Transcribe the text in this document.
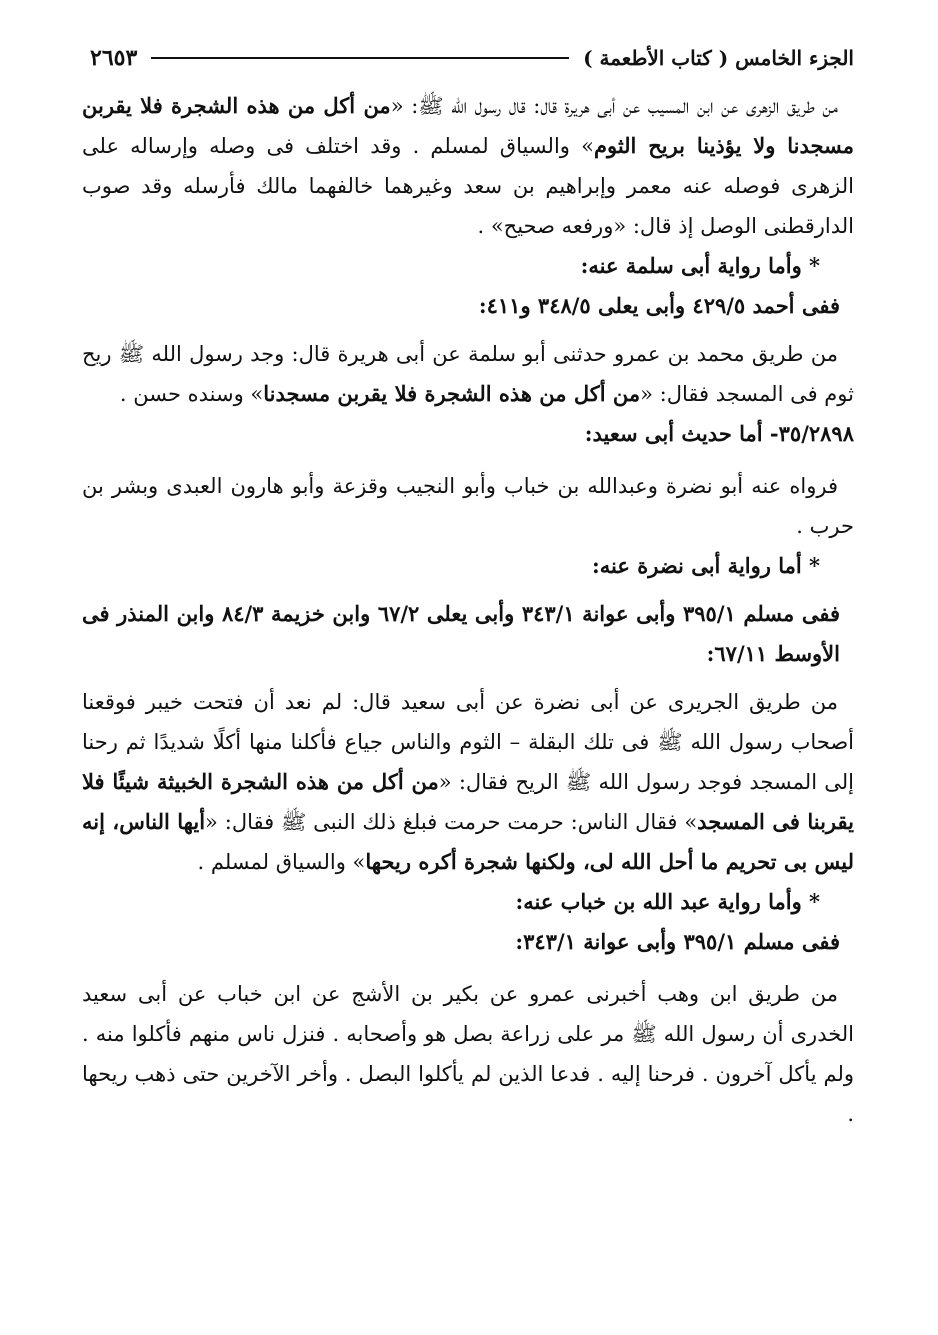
الجزء الخامس ( كتاب الأطعمة )
٢٦٥٣

من طريق الزهرى عن ابن المسيب عن أبى هريرة قال: قال رسول الله ﷺ: «من أكل من هذه الشجرة فلا يقربن مسجدنا ولا يؤذينا بريح الثوم» والسياق لمسلم . وقد اختلف فى وصله وإرساله على الزهرى فوصله عنه معمر وإبراهيم بن سعد وغيرهما خالفهما مالك فأرسله وقد صوب الدارقطنى الوصل إذ قال: «ورفعه صحيح» .

* وأما رواية أبى سلمة عنه:

ففى أحمد ٤٢٩/٥ وأبى يعلى ٣٤٨/٥ و٤١١:

من طريق محمد بن عمرو حدثنى أبو سلمة عن أبى هريرة قال: وجد رسول الله ﷺ ريح ثوم فى المسجد فقال: «من أكل من هذه الشجرة فلا يقربن مسجدنا» وسنده حسن .

٣٥/٢٨٩٨- أما حديث أبى سعيد:

فرواه عنه أبو نضرة وعبدالله بن خباب وأبو النجيب وقزعة وأبو هارون العبدى وبشر بن حرب .

* أما رواية أبى نضرة عنه:

ففى مسلم ٣٩٥/١ وأبى عوانة ٣٤٣/١ وأبى يعلى ٦٧/٢ وابن خزيمة ٨٤/٣ وابن المنذر فى الأوسط ٦٧/١١:

من طريق الجريرى عن أبى نضرة عن أبى سعيد قال: لم نعد أن فتحت خيبر فوقعنا أصحاب رسول الله ﷺ فى تلك البقلة – الثوم والناس جياع فأكلنا منها أكلًا شديدًا ثم رحنا إلى المسجد فوجد رسول الله ﷺ الريح فقال: «من أكل من هذه الشجرة الخبيثة شيئًا فلا يقربنا فى المسجد» فقال الناس: حرمت حرمت فبلغ ذلك النبى ﷺ فقال: «أيها الناس، إنه ليس بى تحريم ما أحل الله لى، ولكنها شجرة أكره ريحها» والسياق لمسلم .

* وأما رواية عبد الله بن خباب عنه:

ففى مسلم ٣٩٥/١ وأبى عوانة ٣٤٣/١:

من طريق ابن وهب أخبرنى عمرو عن بكير بن الأشج عن ابن خباب عن أبى سعيد الخدرى أن رسول الله ﷺ مر على زراعة بصل هو وأصحابه . فنزل ناس منهم فأكلوا منه . ولم يأكل آخرون . فرحنا إليه . فدعا الذين لم يأكلوا البصل . وأخر الآخرين حتى ذهب ريحها .
